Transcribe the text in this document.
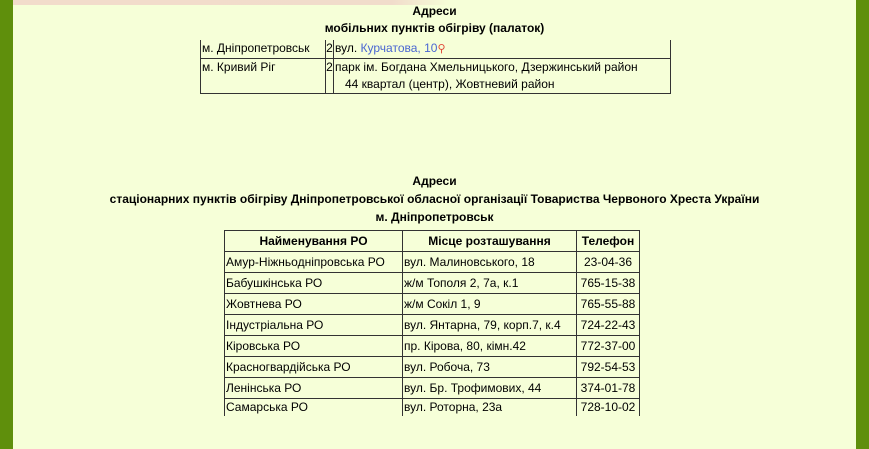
Адреси
мобільних пунктів обігріву (палаток)
м. Дніпропетровськ	2	вул. Курчатова, 10⚲
м. Кривий Ріг	2	парк ім. Богдана Хмельницького, Дзержинський район
44 квартал (центр), Жовтневий район
Адреси
стаціонарних пунктів обігріву Дніпропетровської обласної організації Товариства Червоного Хреста України
м. Дніпропетровськ
Найменування РО	Місце розташування	Телефон
Амур-Ніжньодніпровська РО	вул. Малиновського, 18	23-04-36
Бабушкінська РО	ж/м Тополя 2, 7а, к.1	765-15-38
Жовтнева РО	ж/м Сокіл 1, 9	765-55-88
Індустріальна РО	вул. Янтарна, 79, корп.7, к.4	724-22-43
Кіровська РО	пр. Кірова, 80, кімн.42	772-37-00
Красногвардійська РО	вул. Робоча, 73	792-54-53
Ленінська РО	вул. Бр. Трофимових, 44	374-01-78
Самарська РО	вул. Роторна, 23а	728-10-02
